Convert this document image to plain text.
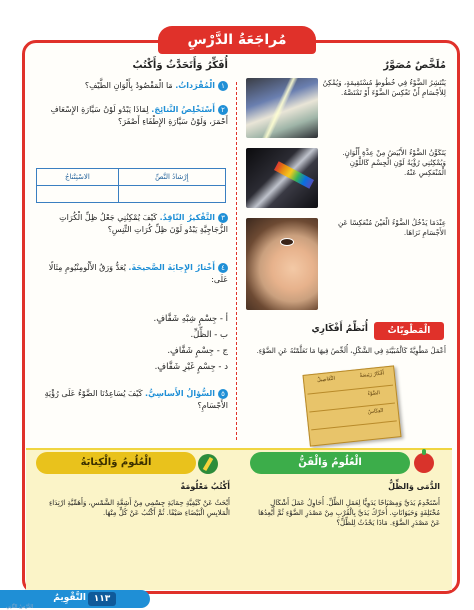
مُراجَعَةُ الدَّرْسِ
مُلَخَّصٌ مُصَوَّرٌ
يَنْتَشِرُ الضَّوْءُ فِي خُطُوطٍ مُسْتَقِيمَةٍ، وَيُمْكِنُ لِلأَجْسَامِ أَنْ تَعْكِسَ الضَّوْءَ أَوْ تَمْتَصَّهُ.
يَتَكَوَّنُ الضَّوْءُ الأَبْيَضُ مِنْ عِدَّةِ أَلْوَانٍ. وَيُمْكِنُنِي رُؤْيَةُ لَوْنِ الْجِسْمِ كَاللَّوْنِ الْمُنْعَكِسِ عَنْهُ.
عِنْدَمَا يَدْخُلُ الضَّوْءُ الْعَيْنَ مُنْعَكِسًا عَنِ الأَجْسَامِ نَرَاهَا.
الْمَطْويّاتُ
أُنَظِّمُ أَفْكَارِي
أَعْمَلُ مَطْوِيَّةً كَالْمُبَيَّنَةِ فِي الشَّكْلِ، أُلَخِّصُ فِيهَا مَا تَعَلَّمْتُهُ عَنِ الضَّوْءِ.
أَفْكَارٌ رَئِيسَةٌ
التَّفَاصِيلُ
الضَّوْءُ
انْعِكَاسٌ
أُفَكِّرُ وَأَتَحَدَّثُ وَأَكْتُبُ
١الْمُفْرَداتُ. مَا الْمَقْصُودُ بِأَلْوَانِ الطَّيْفِ؟
٢أَسْتَخْلِصُ النَّتائِجَ. لِمَاذَا يَبْدُو لَوْنُ سَيَّارَةِ الإِسْعَافِ أَحْمَرَ، وَلَوْنُ سَيَّارَةِ الإِطْفَاءِ أَصْفَرَ؟
الاسْتِنْتاجُ	إِرْشادُ النَّصِّ

٣التَّفْكيرُ النّاقِدُ. كَيْفَ يُمْكِنُنِي جَعْلُ ظِلِّ الْكُرَاتِ الزُّجَاجِيَّةِ يَبْدُو لَوْنَ ظِلِّ كُرَاتِ التِّنِسِ؟
٤أَخْتارُ الإِجابَةَ الصَّحيحَةَ. يُعَدُّ وَرَقُ الأَلُومِنْيُومِ مِثَالًا عَلَى:
أ - جِسْمٍ شِبْهِ شَفَّافٍ.
ب - الظِّلِّ.
ج - جِسْمٍ شَفَّافٍ.
د - جِسْمٍ غَيْرِ شَفَّافٍ.
٥السُّؤالُ الأَساسِيُّ. كَيْفَ يُسَاعِدُنَا الضَّوْءُ عَلَى رُؤْيَةِ الأَجْسَامِ؟
الْعُلُومُ وَالْفَنُّ
الدُّمَى وَالظِّلُّ
أَسْتَخْدِمُ يَدَيَّ وَمِصْبَاحًا يَدَوِيًّا لِعَمَلِ الظِّلِّ. أُحَاوِلُ عَمَلَ أَشْكَالٍ مُخْتَلِفَةٍ وَحَيَوَانَاتٍ. أُحَرِّكُ يَدَيَّ بِالْقُرْبِ مِنْ مَصْدَرِ الضَّوْءِ ثُمَّ أُبْعِدُهَا عَنْ مَصْدَرِ الضَّوْءِ. مَاذَا يَحْدُثُ لِلظِّلِّ؟
الْعُلُومُ وَالْكِتابَةُ
أَكْتُبُ مَعْلُومَةً
أَبْحَثُ عَنْ كَيْفِيَّةِ حِمَايَةِ جِسْمِي مِنْ أَشِعَّةِ الشَّمْسِ، وَأَهَمِّيَّةِ ارْتِدَاءِ الْمَلابِسِ الْبَيْضَاءِ صَيْفًا. ثُمَّ أَكْتُبُ عَنْ كُلٍّ مِنْهَا.
١١٣
التَّقْوِيمُ
الدَّرْسُ الثَّانِي
